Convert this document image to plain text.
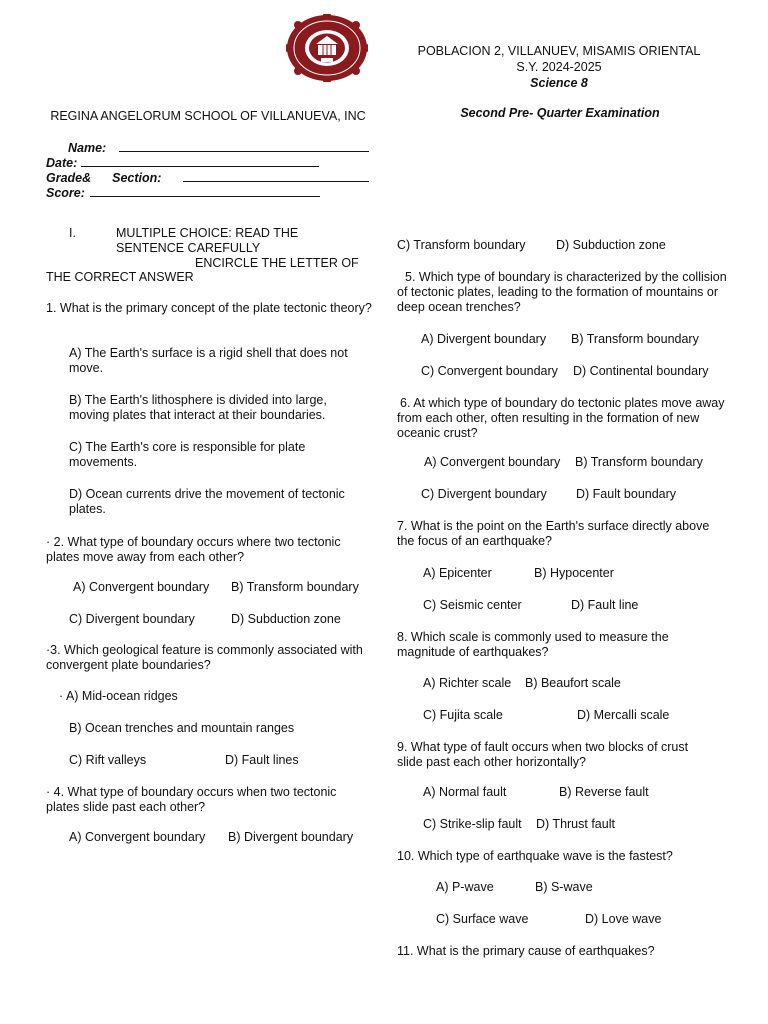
POBLACION 2, VILLANUEV, MISAMIS ORIENTAL
S.Y. 2024-2025
Science 8
REGINA ANGELORUM SCHOOL OF VILLANUEVA, INC	Second Pre- Quarter Examination
Name:
Date:
Grade& Section:
Score:
I.	MULTIPLE CHOICE: READ THE
SENTENCE CAREFULLY
ENCIRCLE THE LETTER OF
THE CORRECT ANSWER
1. What is the primary concept of the plate tectonic theory?
A) The Earth's surface is a rigid shell that does not move.
B) The Earth's lithosphere is divided into large, moving plates that interact at their boundaries.
C) The Earth's core is responsible for plate movements.
D) Ocean currents drive the movement of tectonic plates.
· 2. What type of boundary occurs where two tectonic plates move away from each other?
A) Convergent boundary B) Transform boundary
C) Divergent boundary	D) Subduction zone
·3. Which geological feature is commonly associated with convergent plate boundaries?
· A) Mid-ocean ridges
B) Ocean trenches and mountain ranges
C) Rift valleys	D) Fault lines
· 4. What type of boundary occurs when two tectonic plates slide past each other?
A) Convergent boundary B) Divergent boundary
C) Transform boundary D) Subduction zone
5. Which type of boundary is characterized by the collision of tectonic plates, leading to the formation of mountains or deep ocean trenches?
A) Divergent boundary B) Transform boundary
C) Convergent boundary D) Continental boundary
6. At which type of boundary do tectonic plates move away from each other, often resulting in the formation of new oceanic crust?
A) Convergent boundary B) Transform boundary
C) Divergent boundary D) Fault boundary
7. What is the point on the Earth's surface directly above the focus of an earthquake?
A) Epicenter	B) Hypocenter
C) Seismic center	D) Fault line
8. Which scale is commonly used to measure the magnitude of earthquakes?
A) Richter scale B) Beaufort scale
C) Fujita scale	D) Mercalli scale
9. What type of fault occurs when two blocks of crust slide past each other horizontally?
A) Normal fault	B) Reverse fault
C) Strike-slip fault D) Thrust fault
10. Which type of earthquake wave is the fastest?
A) P-wave	B) S-wave
C) Surface wave	D) Love wave
11. What is the primary cause of earthquakes?
